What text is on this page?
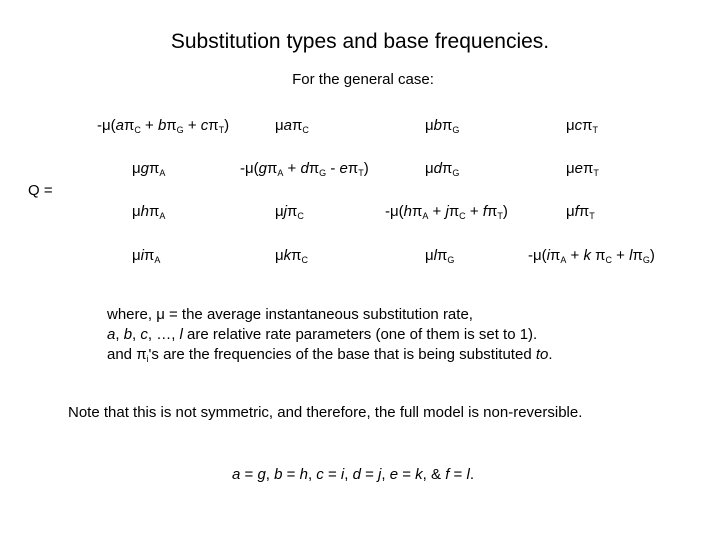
Substitution types and base frequencies.
For the general case:
Q =
$-\mu(a\pi_C + b\pi_G + c\pi_T)$	μaπ$_C$	μbπ$_G$	μcπ$_T$
μgπ$_A$	$-\mu(g\pi_A + d\pi_G - e\pi_T)$	μdπ$_G$	μeπ$_T$
μhπ$_A$	μjπ$_C$	$-\mu(h\pi_A + j\pi_C + f\pi_T)$	μfπ$_T$
μiπ$_A$	μkπ$_C$	μlπ$_G$	$-\mu(i\pi_A + k$ $\pi_C + l\pi_G$)
where, μ = the average instantaneous substitution rate,
a, b, c, …, l are relative rate parameters (one of them is set to 1).
and $\pi_i's$ are the frequencies of the base that is being substituted to.
Note that this is not symmetric, and therefore, the full model is non-reversible.
a = g, b = h, c = i, d = j, e = k, & f = l.
